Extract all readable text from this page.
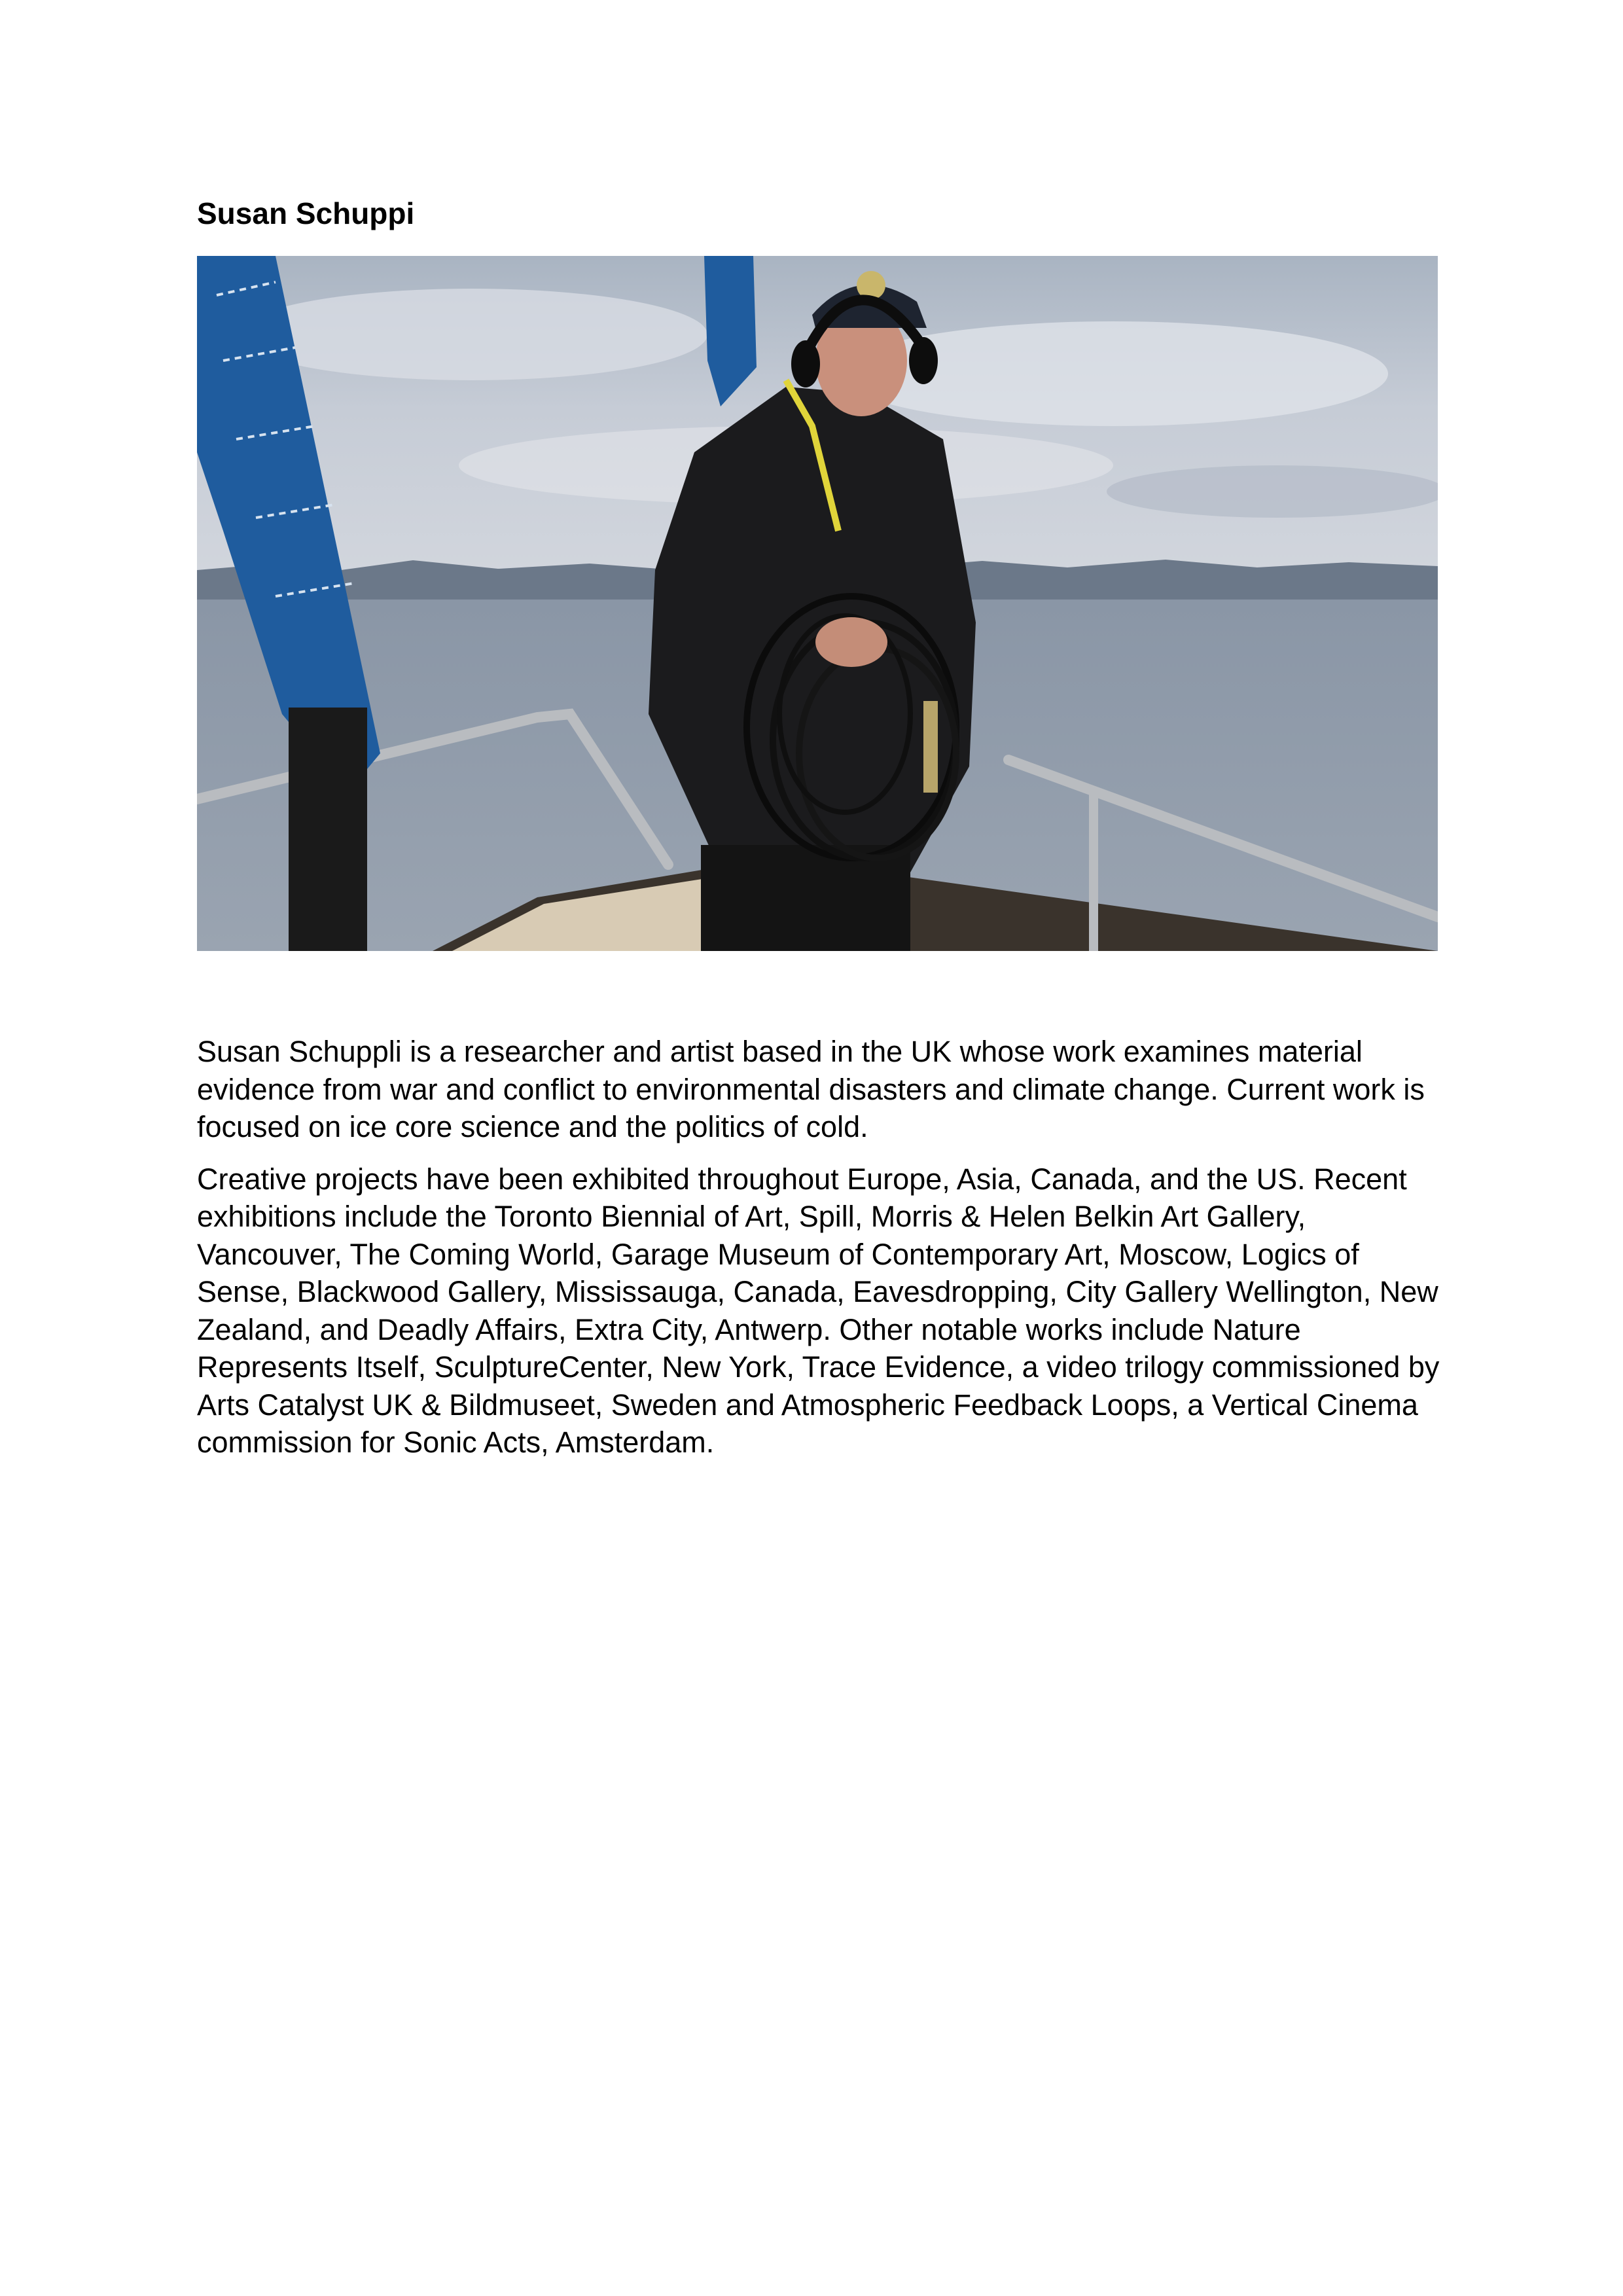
Susan Schuppi

Susan Schuppli is a researcher and artist based in the UK whose work examines material evidence from war and conflict to environmental disasters and climate change. Current work is focused on ice core science and the politics of cold.

Creative projects have been exhibited throughout Europe, Asia, Canada, and the US. Recent exhibitions include the Toronto Biennial of Art, Spill, Morris & Helen Belkin Art Gallery, Vancouver, The Coming World, Garage Museum of Contemporary Art, Moscow, Logics of Sense, Blackwood Gallery, Mississauga, Canada, Eavesdropping, City Gallery Wellington, New Zealand, and Deadly Affairs, Extra City, Antwerp. Other notable works include Nature Represents Itself, SculptureCenter, New York, Trace Evidence, a video trilogy commissioned by Arts Catalyst UK & Bildmuseet, Sweden and Atmospheric Feedback Loops, a Vertical Cinema commission for Sonic Acts, Amsterdam.
